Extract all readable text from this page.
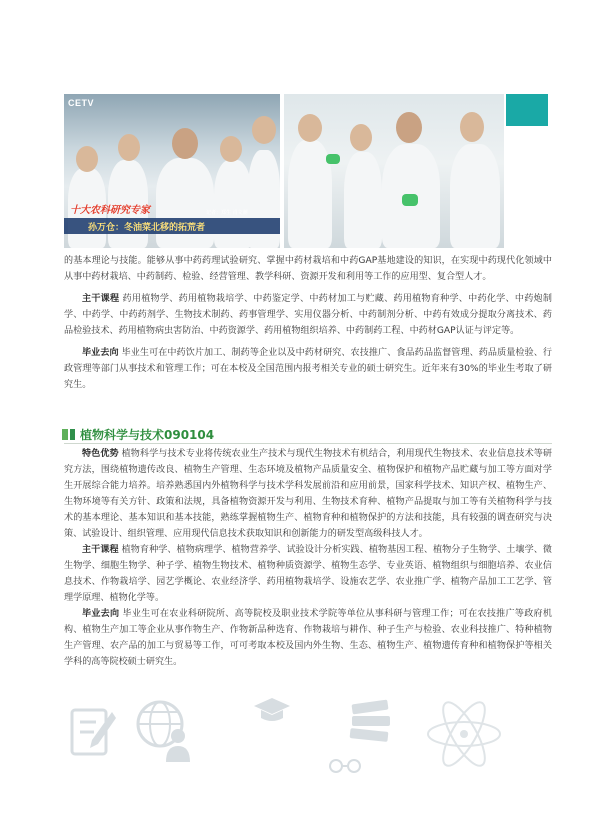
CETV
十大农科研究专家	记者：郑生 肖文潮
孙万仓：冬油菜北移的拓荒者

的基本理论与技能。能够从事中药药理试验研究、掌握中药材栽培和中药GAP基地建设的知识，在实现中药现代化领域中从事中药材栽培、中药制药、检验、经营管理、教学科研、资源开发和利用等工作的应用型、复合型人才。

主干课程 药用植物学、药用植物栽培学、中药鉴定学、中药材加工与贮藏、药用植物育种学、中药化学、中药炮制学、中药学、中药药剂学、生物技术制药、药事管理学、实用仪器分析、中药制剂分析、中药有效成分提取分离技术、药品检验技术、药用植物病虫害防治、中药资源学、药用植物组织培养、中药制药工程、中药材GAP认证与评定等。

毕业去向 毕业生可在中药饮片加工、制药等企业以及中药材研究、农技推广、食品药品监督管理、药品质量检验、行政管理等部门从事技术和管理工作；可在本校及全国范围内报考相关专业的硕士研究生。近年来有30%的毕业生考取了研究生。

植物科学与技术090104

特色优势 植物科学与技术专业将传统农业生产技术与现代生物技术有机结合，利用现代生物技术、农业信息技术等研究方法，围绕植物遗传改良、植物生产管理、生态环境及植物产品质量安全、植物保护和植物产品贮藏与加工等方面对学生开展综合能力培养。培养熟悉国内外植物科学与技术学科发展前沿和应用前景，国家科学技术、知识产权、植物生产、生物环境等有关方针、政策和法规，具备植物资源开发与利用、生物技术育种、植物产品提取与加工等有关植物科学与技术的基本理论、基本知识和基本技能，熟练掌握植物生产、植物育种和植物保护的方法和技能，具有较强的调查研究与决策、试验设计、组织管理、应用现代信息技术获取知识和创新能力的研发型高级科技人才。

主干课程 植物育种学、植物病理学、植物营养学、试验设计分析实践、植物基因工程、植物分子生物学、土壤学、微生物学、细胞生物学、种子学、植物生物技术、植物种质资源学、植物生态学、专业英语、植物组织与细胞培养、农业信息技术、作物栽培学、园艺学概论、农业经济学、药用植物栽培学、设施农艺学、农业推广学、植物产品加工工艺学、管理学原理、植物化学等。

毕业去向 毕业生可在农业科研院所、高等院校及职业技术学院等单位从事科研与管理工作；可在农技推广等政府机构、植物生产加工等企业从事作物生产、作物新品种选育、作物栽培与耕作、种子生产与检验、农业科技推广、特种植物生产管理、农产品的加工与贸易等工作，可可考取本校及国内外生物、生态、植物生产、植物遗传育种和植物保护等相关学科的高等院校硕士研究生。
